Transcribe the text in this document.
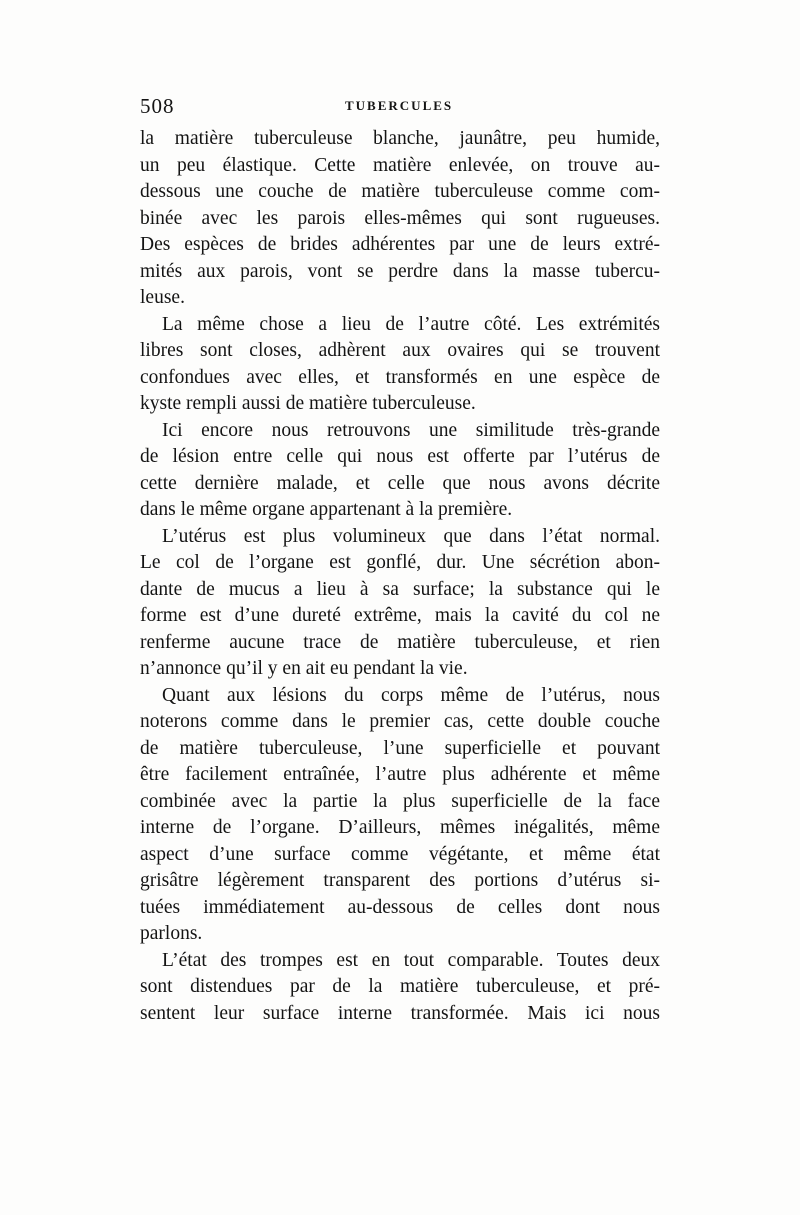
508	TUBERCULES
la matière tuberculeuse blanche, jaunâtre, peu humide,
un peu élastique. Cette matière enlevée, on trouve au-
dessous une couche de matière tuberculeuse comme com-
binée avec les parois elles-mêmes qui sont rugueuses.
Des espèces de brides adhérentes par une de leurs extré-
mités aux parois, vont se perdre dans la masse tubercu-
leuse.
La même chose a lieu de l’autre côté. Les extrémités
libres sont closes, adhèrent aux ovaires qui se trouvent
confondues avec elles, et transformés en une espèce de
kyste rempli aussi de matière tuberculeuse.
Ici encore nous retrouvons une similitude très-grande
de lésion entre celle qui nous est offerte par l’utérus de
cette dernière malade, et celle que nous avons décrite
dans le même organe appartenant à la première.
L’utérus est plus volumineux que dans l’état normal.
Le col de l’organe est gonflé, dur. Une sécrétion abon-
dante de mucus a lieu à sa surface; la substance qui le
forme est d’une dureté extrême, mais la cavité du col ne
renferme aucune trace de matière tuberculeuse, et rien
n’annonce qu’il y en ait eu pendant la vie.
Quant aux lésions du corps même de l’utérus, nous
noterons comme dans le premier cas, cette double couche
de matière tuberculeuse, l’une superficielle et pouvant
être facilement entraînée, l’autre plus adhérente et même
combinée avec la partie la plus superficielle de la face
interne de l’organe. D’ailleurs, mêmes inégalités, même
aspect d’une surface comme végétante, et même état
grisâtre légèrement transparent des portions d’utérus si-
tuées immédiatement au-dessous de celles dont nous
parlons.
L’état des trompes est en tout comparable. Toutes deux
sont distendues par de la matière tuberculeuse, et pré-
sentent leur surface interne transformée. Mais ici nous
